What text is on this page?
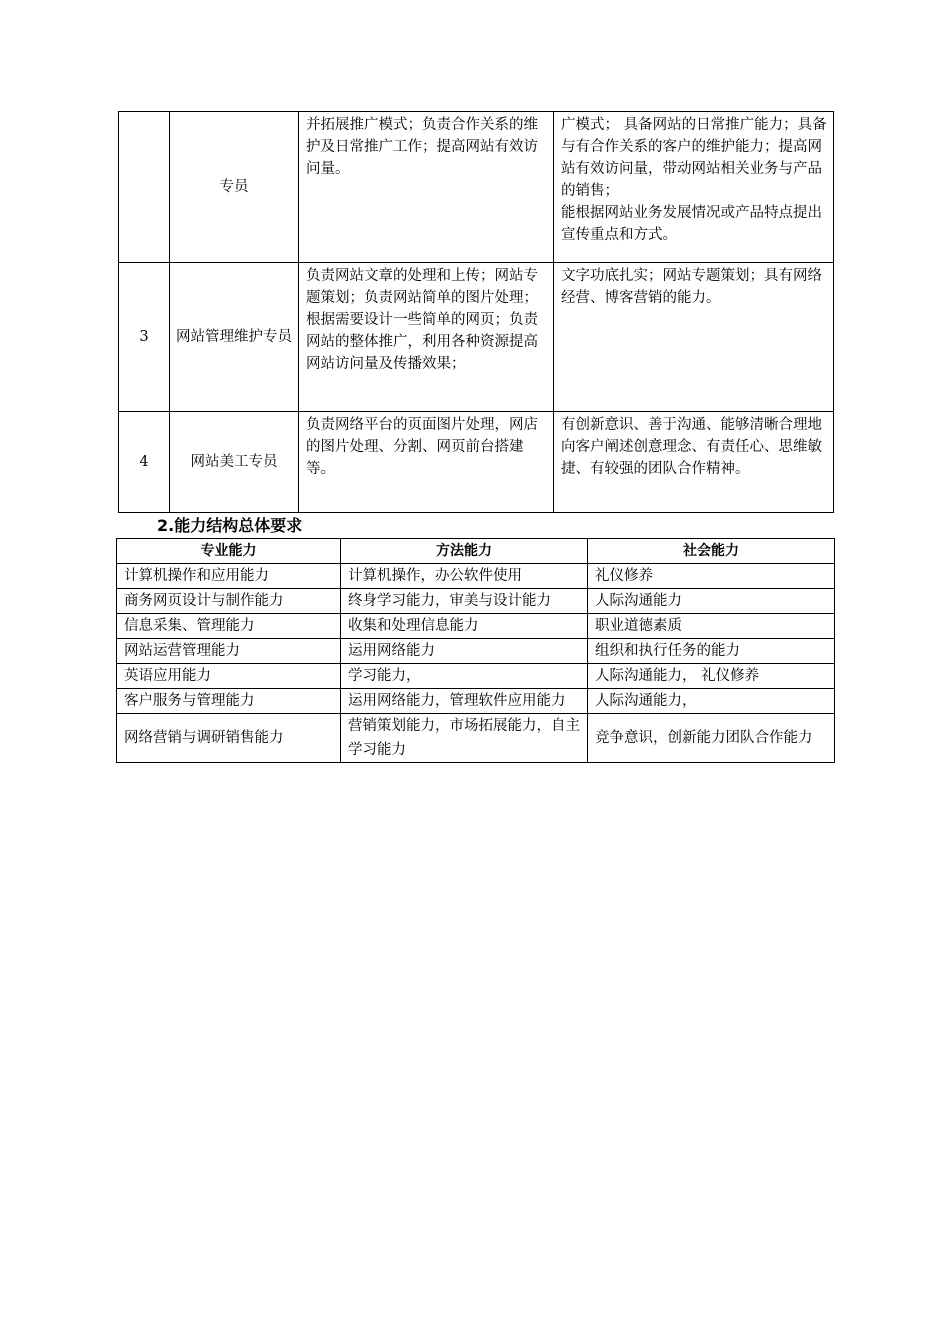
	专员	并拓展推广模式；负责合作关系的维护及日常推广工作；提高网站有效访问量。	广模式； 具备网站的日常推广能力；具备与有合作关系的客户的维护能力；提高网站有效访问量，带动网站相关业务与产品的销售；
能根据网站业务发展情况或产品特点提出宣传重点和方式。

3	网站管理维护专员	负责网站文章的处理和上传；网站专题策划；负责网站简单的图片处理；根据需要设计一些简单的网页；负责网站的整体推广，利用各种资源提高网站访问量及传播效果；	文字功底扎实；网站专题策划；具有网络经营、博客营销的能力。

4	网站美工专员	负责网络平台的页面图片处理，网店的图片处理、分割、网页前台搭建等。	有创新意识、善于沟通、能够清晰合理地向客户阐述创意理念、有责任心、思维敏捷、有较强的团队合作精神。
2.能力结构总体要求
专业能力	方法能力	社会能力
计算机操作和应用能力	计算机操作，办公软件使用	礼仪修养
商务网页设计与制作能力	终身学习能力，审美与设计能力	人际沟通能力
信息采集、管理能力	收集和处理信息能力	职业道德素质
网站运营管理能力	运用网络能力	组织和执行任务的能力
英语应用能力	学习能力，	人际沟通能力， 礼仪修养
客户服务与管理能力	运用网络能力，管理软件应用能力	人际沟通能力，
网络营销与调研销售能力	营销策划能力，市场拓展能力，自主学习能力	竞争意识，创新能力团队合作能力
